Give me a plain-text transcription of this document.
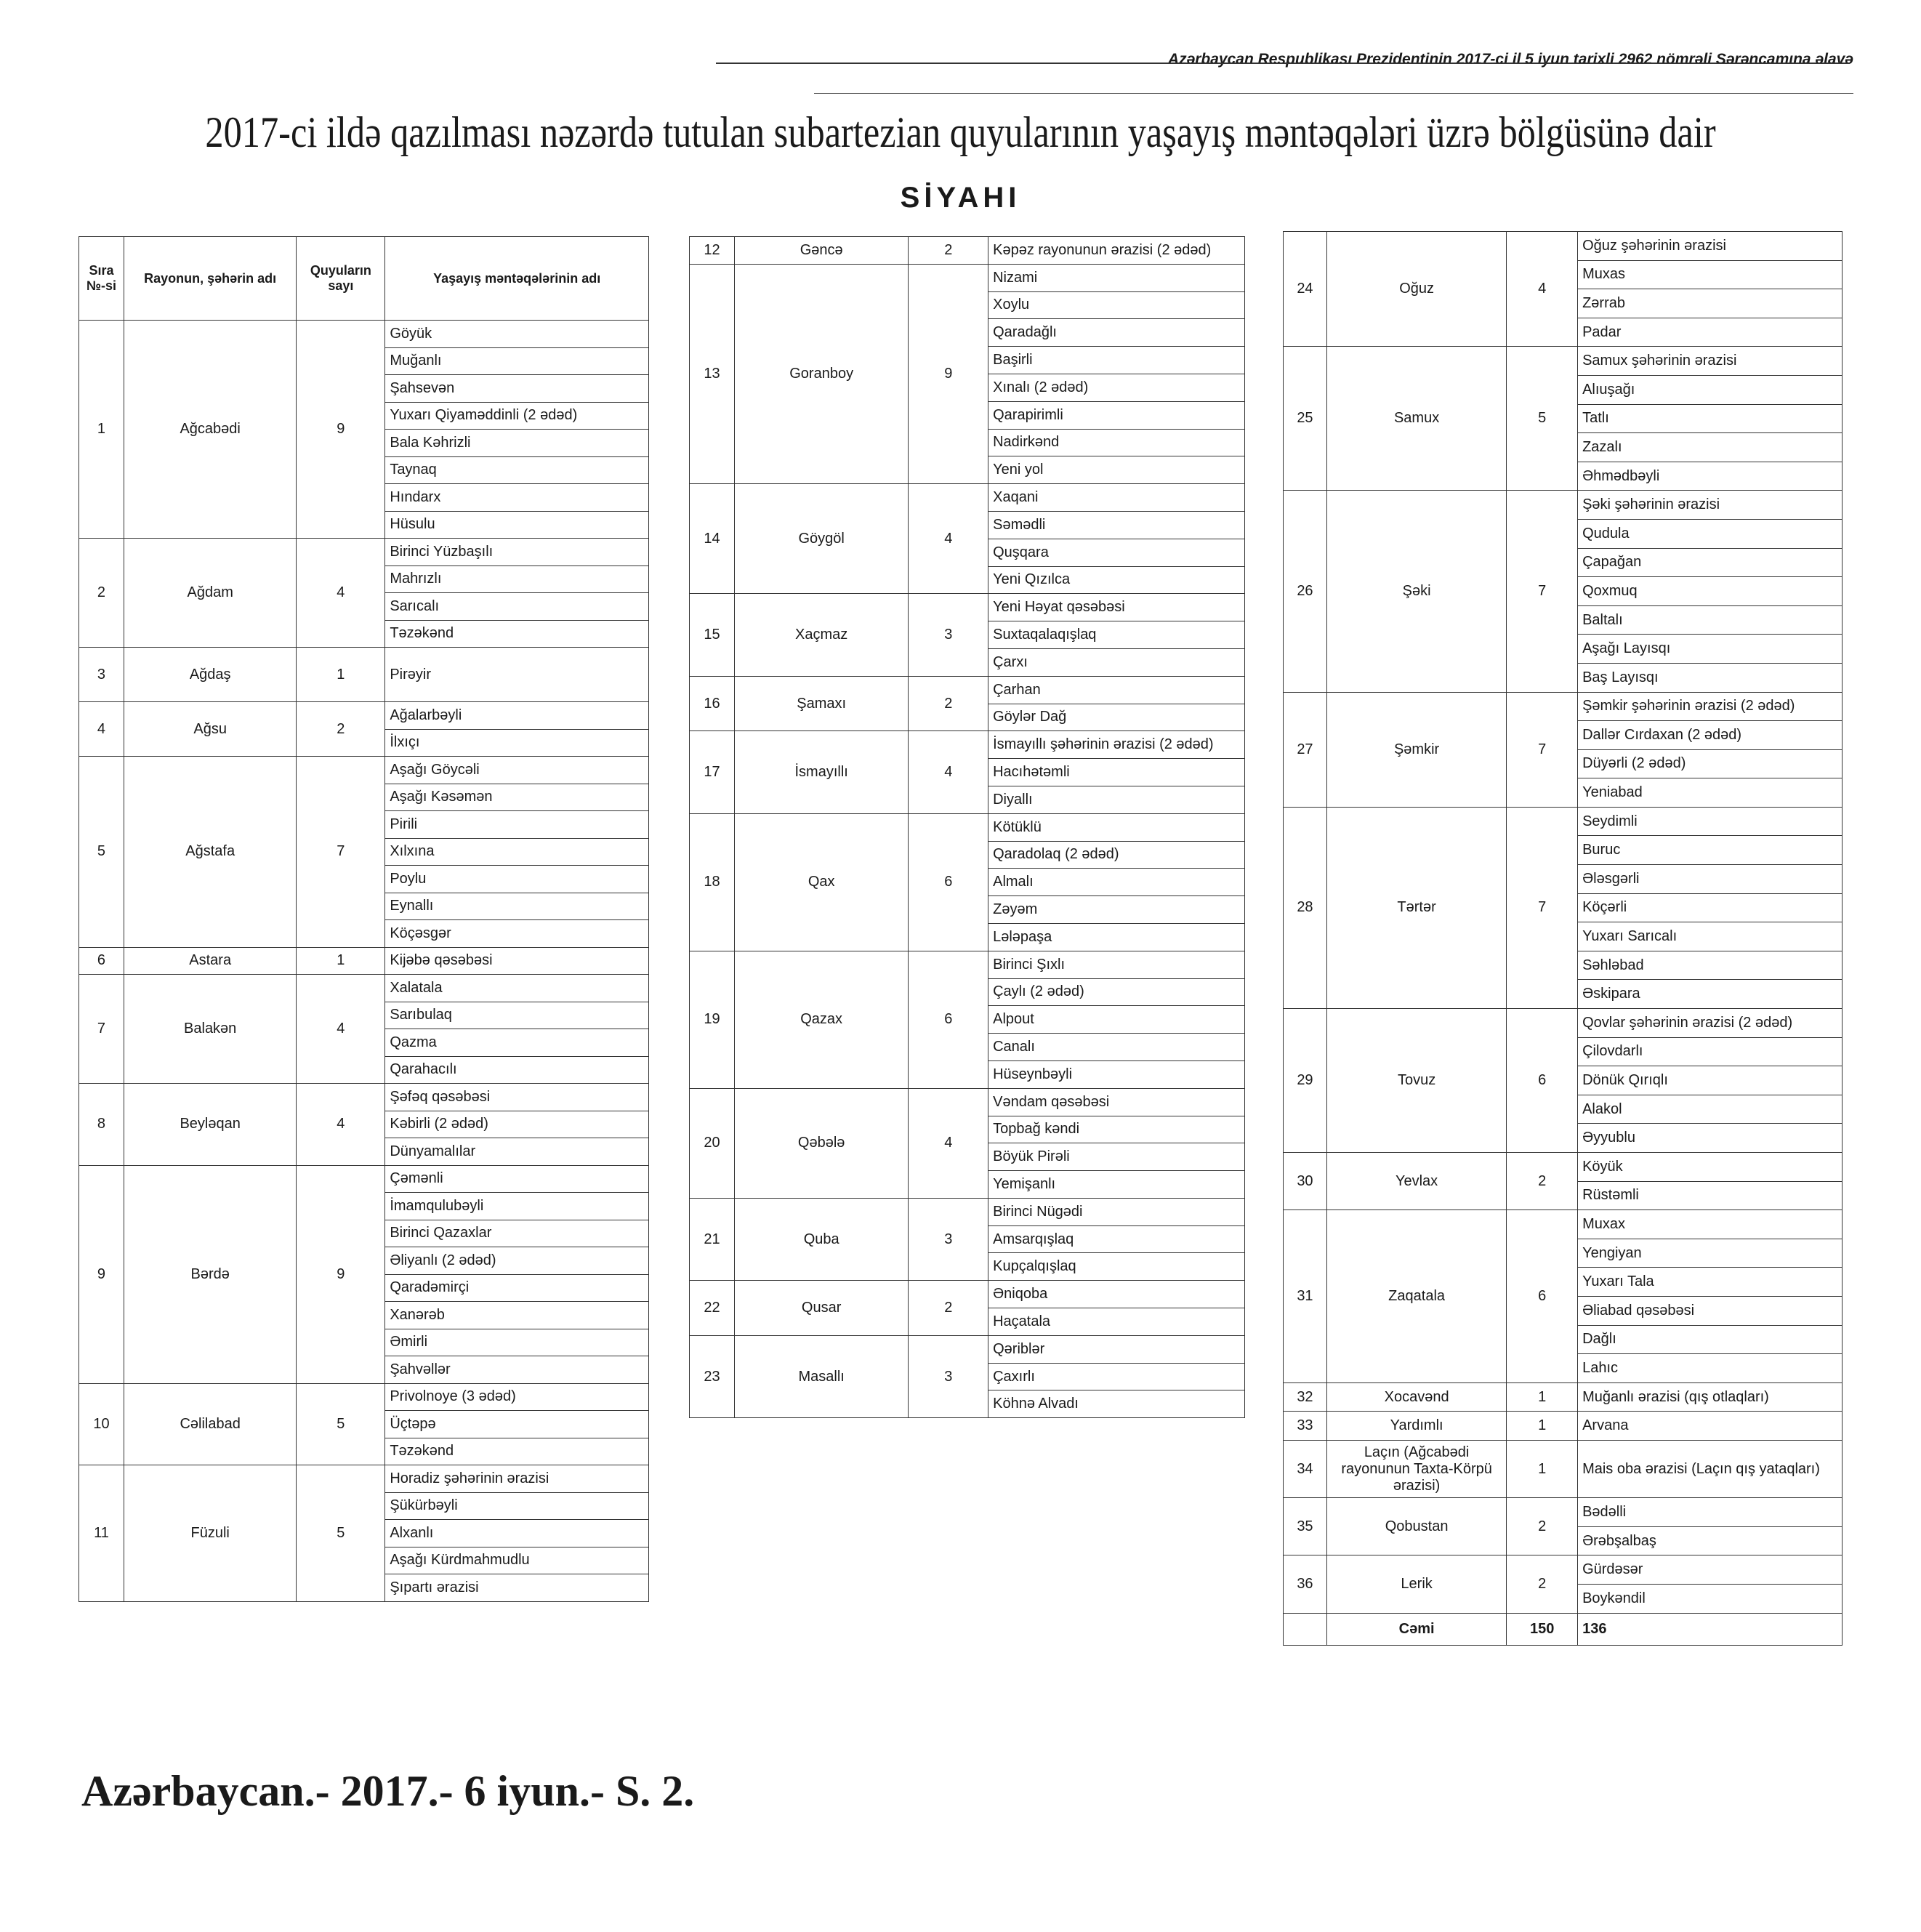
Azərbaycan Respublikası Prezidentinin 2017-ci il 5 iyun tarixli 2962 nömrəli Sərəncamına əlavə
2017-ci ildə qazılması nəzərdə tutulan subartezian quyularının yaşayış məntəqələri üzrə bölgüsünə dair
SİYAHI
Sıra №-si	Rayonun, şəhərin adı	Quyuların sayı	Yaşayış məntəqələrinin adı
1	Ağcabədi	9	Göyük
			Muğanlı
			Şahsevən
			Yuxarı Qiyaməddinli (2 ədəd)
			Bala Kəhrizli
			Taynaq
			Hındarx
			Hüsulu
2	Ağdam	4	Birinci Yüzbaşılı
			Mahrızlı
			Sarıcalı
			Təzəkənd
3	Ağdaş	1	Pirəyir
4	Ağsu	2	Ağalarbəyli
			İlxıçı
5	Ağstafa	7	Aşağı Göycəli
			Aşağı Kəsəmən
			Pirili
			Xılxına
			Poylu
			Eynallı
			Köçəsgər
6	Astara	1	Kijəbə qəsəbəsi
7	Balakən	4	Xalatala
			Sarıbulaq
			Qazma
			Qarahacılı
8	Beyləqan	4	Şəfəq qəsəbəsi
			Kəbirli (2 ədəd)
			Dünyamalılar
9	Bərdə	9	Çəmənli
			İmamqulubəyli
			Birinci Qazaxlar
			Əliyanlı (2 ədəd)
			Qaradəmirçi
			Xanərəb
			Əmirli
			Şahvəllər
10	Cəlilabad	5	Privolnoye (3 ədəd)
			Üçtəpə
			Təzəkənd
11	Füzuli	5	Horadiz şəhərinin ərazisi
			Şükürbəyli
			Alxanlı
			Aşağı Kürdmahmudlu
			Şıpartı ərazisi
12	Gəncə	2	Kəpəz rayonunun ərazisi (2 ədəd)
13	Goranboy	9	Nizami
			Xoylu
			Qaradağlı
			Başirli
			Xınalı (2 ədəd)
			Qarapirimli
			Nadirkənd
			Yeni yol
14	Göygöl	4	Xaqani
			Səmədli
			Quşqara
			Yeni Qızılca
15	Xaçmaz	3	Yeni Həyat qəsəbəsi
			Suxtaqalaqışlaq
			Çarxı
16	Şamaxı	2	Çarhan
			Göylər Dağ
17	İsmayıllı	4	İsmayıllı şəhərinin ərazisi (2 ədəd)
			Hacıhətəmli
			Diyallı
18	Qax	6	Kötüklü
			Qaradolaq (2 ədəd)
			Almalı
			Zəyəm
			Lələpaşa
19	Qazax	6	Birinci Şıxlı
			Çaylı (2 ədəd)
			Alpout
			Canalı
			Hüseynbəyli
20	Qəbələ	4	Vəndam qəsəbəsi
			Topbağ kəndi
			Böyük Pirəli
			Yemişanlı
21	Quba	3	Birinci Nügədi
			Amsarqışlaq
			Kupçalqışlaq
22	Qusar	2	Əniqoba
			Haçatala
23	Masallı	3	Qəriblər
			Çaxırlı
			Köhnə Alvadı
24	Oğuz	4	Oğuz şəhərinin ərazisi
			Muxas
			Zərrab
			Padar
25	Samux	5	Samux şəhərinin ərazisi
			Alıuşağı
			Tatlı
			Zazalı
			Əhmədbəyli
26	Şəki	7	Şəki şəhərinin ərazisi
			Qudula
			Çapağan
			Qoxmuq
			Baltalı
			Aşağı Layısqı
			Baş Layısqı
27	Şəmkir	7	Şəmkir şəhərinin ərazisi (2 ədəd)
			Dallər Cırdaxan (2 ədəd)
			Düyərli (2 ədəd)
			Yeniabad
28	Tərtər	7	Seydimli
			Buruc
			Ələsgərli
			Köçərli
			Yuxarı Sarıcalı
			Səhləbad
			Əskipara
29	Tovuz	6	Qovlar şəhərinin ərazisi (2 ədəd)
			Çilovdarlı
			Dönük Qırıqlı
			Alakol
			Əyyublu
30	Yevlax	2	Köyük
			Rüstəmli
31	Zaqatala	6	Muxax
			Yengiyan
			Yuxarı Tala
			Əliabad qəsəbəsi
			Dağlı
			Lahıc
32	Xocavənd	1	Muğanlı ərazisi (qış otlaqları)
33	Yardımlı	1	Arvana
34	Laçın (Ağcabədi rayonunun Taxta-Körpü ərazisi)	1	Mais oba ərazisi (Laçın qış yataqları)
35	Qobustan	2	Bədəlli
			Ərəbşalbaş
36	Lerik	2	Gürdəsər
			Boykəndil
	Cəmi	150	136
Azərbaycan.- 2017.- 6 iyun.- S. 2.
